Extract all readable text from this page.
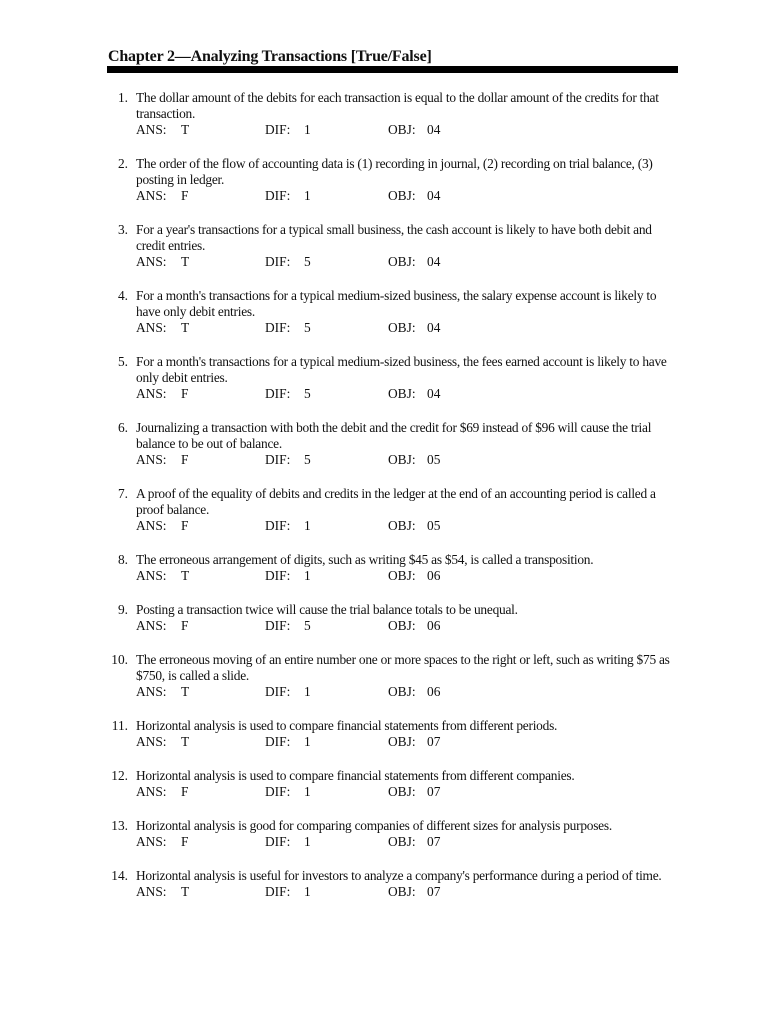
Chapter 2—Analyzing Transactions [True/False]
1. The dollar amount of the debits for each transaction is equal to the dollar amount of the credits for that transaction.
ANS: T	DIF: 1	OBJ: 04
2. The order of the flow of accounting data is (1) recording in journal, (2) recording on trial balance, (3) posting in ledger.
ANS: F	DIF: 1	OBJ: 04
3. For a year's transactions for a typical small business, the cash account is likely to have both debit and credit entries.
ANS: T	DIF: 5	OBJ: 04
4. For a month's transactions for a typical medium-sized business, the salary expense account is likely to have only debit entries.
ANS: T	DIF: 5	OBJ: 04
5. For a month's transactions for a typical medium-sized business, the fees earned account is likely to have only debit entries.
ANS: F	DIF: 5	OBJ: 04
6. Journalizing a transaction with both the debit and the credit for $69 instead of $96 will cause the trial balance to be out of balance.
ANS: F	DIF: 5	OBJ: 05
7. A proof of the equality of debits and credits in the ledger at the end of an accounting period is called a proof balance.
ANS: F	DIF: 1	OBJ: 05
8. The erroneous arrangement of digits, such as writing $45 as $54, is called a transposition.
ANS: T	DIF: 1	OBJ: 06
9. Posting a transaction twice will cause the trial balance totals to be unequal.
ANS: F	DIF: 5	OBJ: 06
10. The erroneous moving of an entire number one or more spaces to the right or left, such as writing $75 as $750, is called a slide.
ANS: T	DIF: 1	OBJ: 06
11. Horizontal analysis is used to compare financial statements from different periods.
ANS: T	DIF: 1	OBJ: 07
12. Horizontal analysis is used to compare financial statements from different companies.
ANS: F	DIF: 1	OBJ: 07
13. Horizontal analysis is good for comparing companies of different sizes for analysis purposes.
ANS: F	DIF: 1	OBJ: 07
14. Horizontal analysis is useful for investors to analyze a company's performance during a period of time.
ANS: T	DIF: 1	OBJ: 07
